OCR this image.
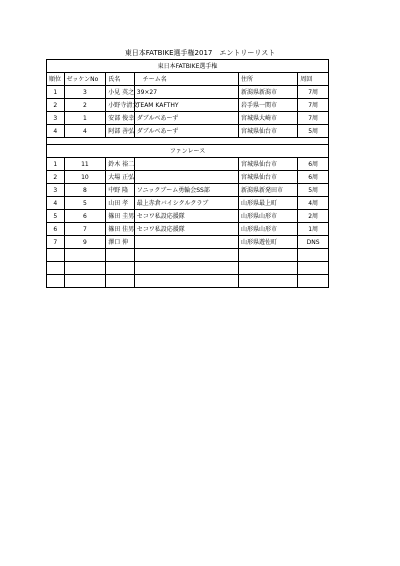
東日本FATBIKE選手権2017　エントリーリスト
東日本FATBIKE選手権					
順位	ゼッケンNo	氏名	チーム名	住所	周回
1	3	小見 英之	39×27	新潟県新潟市	7周
2	2	小野寺清文	TEAM KAFTHY	岩手県一関市	7周
3	1	安部 俊幸	ダブルベあーず	宮城県大崎市	7周
4	4	阿部 善弘	ダブルベあーず	宮城県仙台市	5周

ファンレース					
1	11	鈴木 裕二		宮城県仙台市	6周
2	10	大場 正弘		宮城県仙台市	6周
3	8	中野 隆	ソニックブーム勇輪会SS部	新潟県新発田市	5周
4	5	山田 孝	最上赤倉バイシクルクラブ	山形県最上町	4周
5	6	篠田 圭男	セコワ私設応援隊	山形県山形市	2周
6	7	篠田 佳男	セコワ私設応援隊	山形県山形市	1周
7	9	澤口 伸		山形県遊佐町	DNS
